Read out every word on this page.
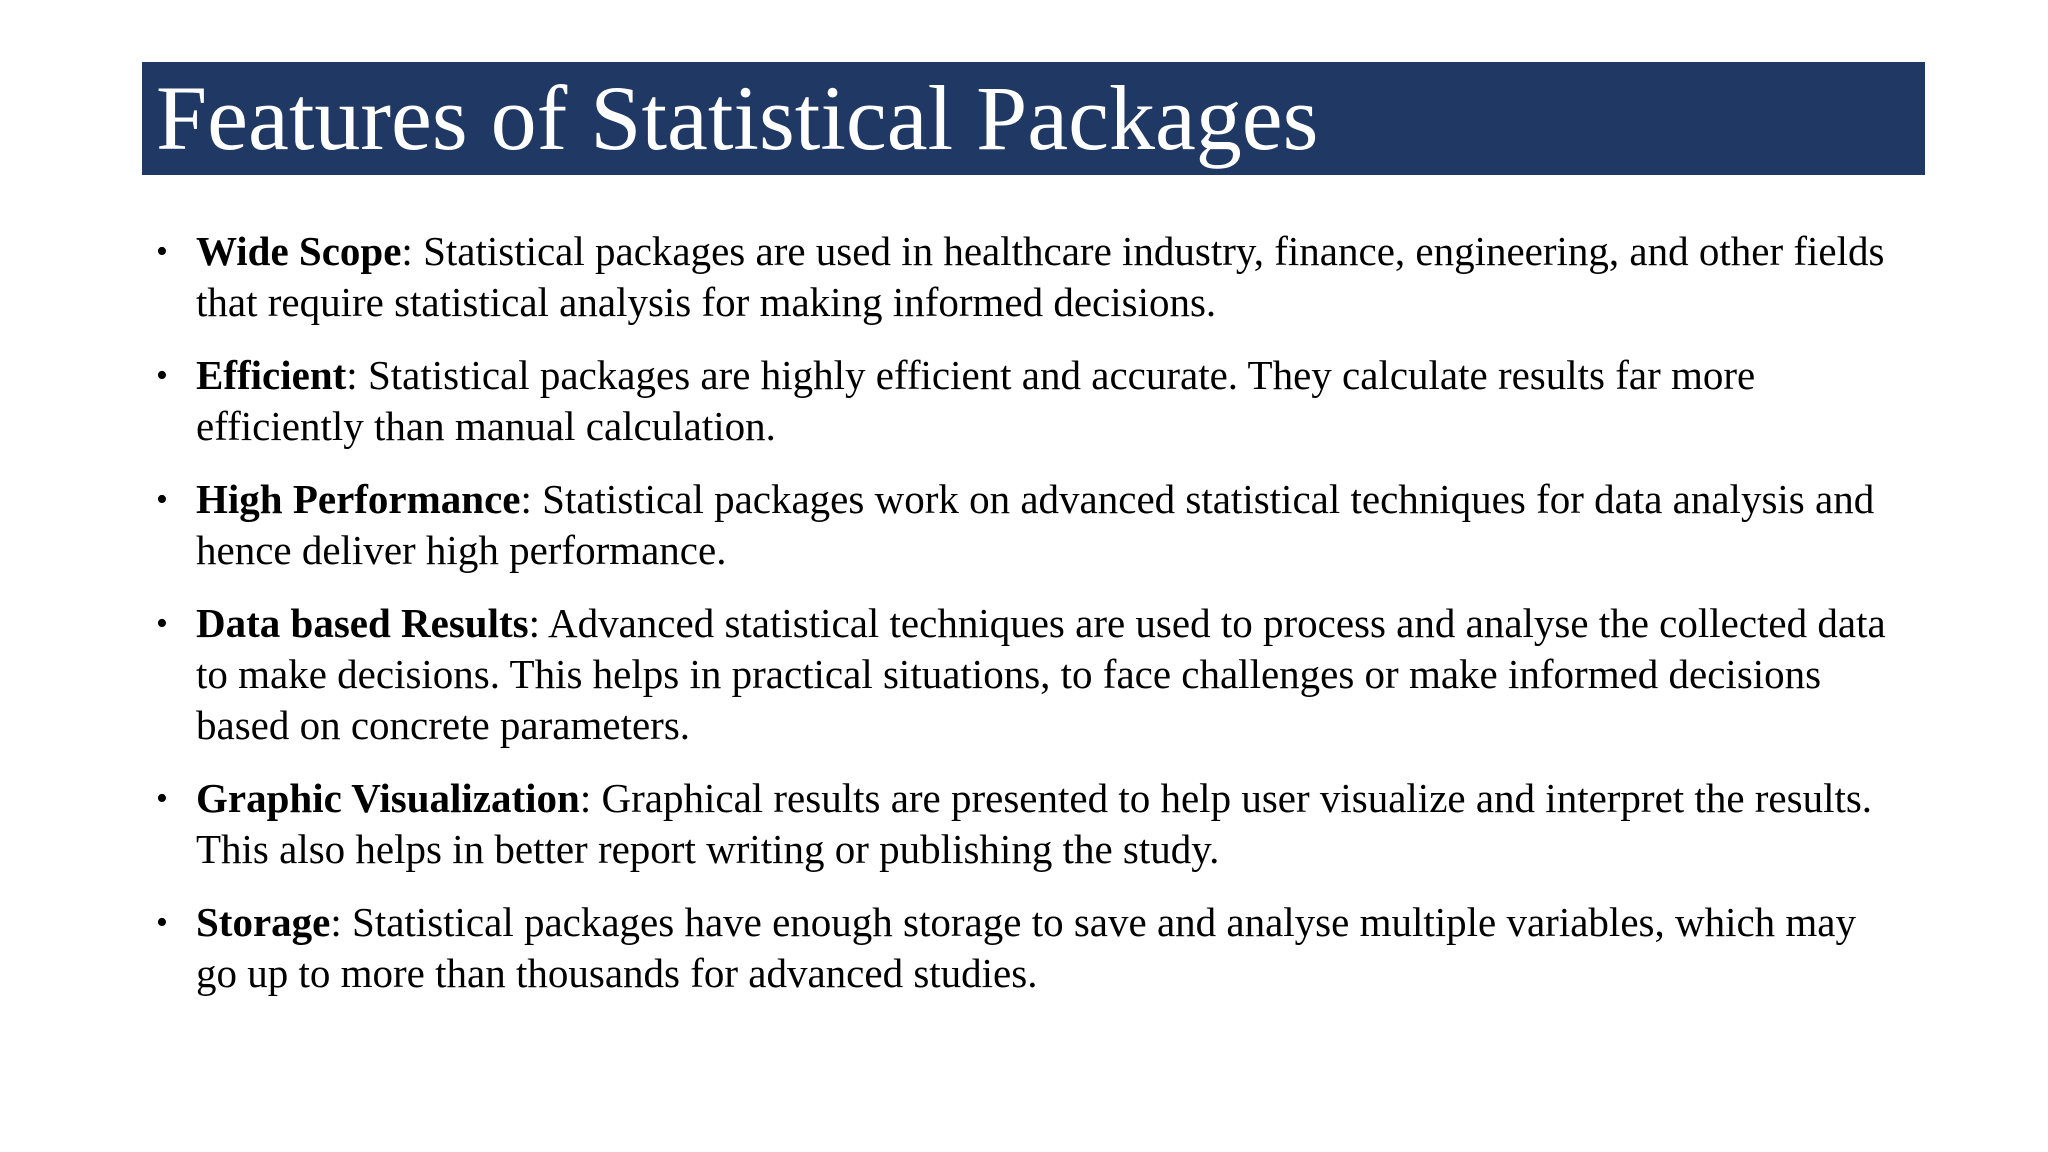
Features of Statistical Packages
• Wide Scope: Statistical packages are used in healthcare industry, finance, engineering, and other fields that require statistical analysis for making informed decisions.
• Efficient: Statistical packages are highly efficient and accurate. They calculate results far more efficiently than manual calculation.
• High Performance: Statistical packages work on advanced statistical techniques for data analysis and hence deliver high performance.
• Data based Results: Advanced statistical techniques are used to process and analyse the collected data to make decisions. This helps in practical situations, to face challenges or make informed decisions based on concrete parameters.
• Graphic Visualization: Graphical results are presented to help user visualize and interpret the results. This also helps in better report writing or publishing the study.
• Storage: Statistical packages have enough storage to save and analyse multiple variables, which may go up to more than thousands for advanced studies.
